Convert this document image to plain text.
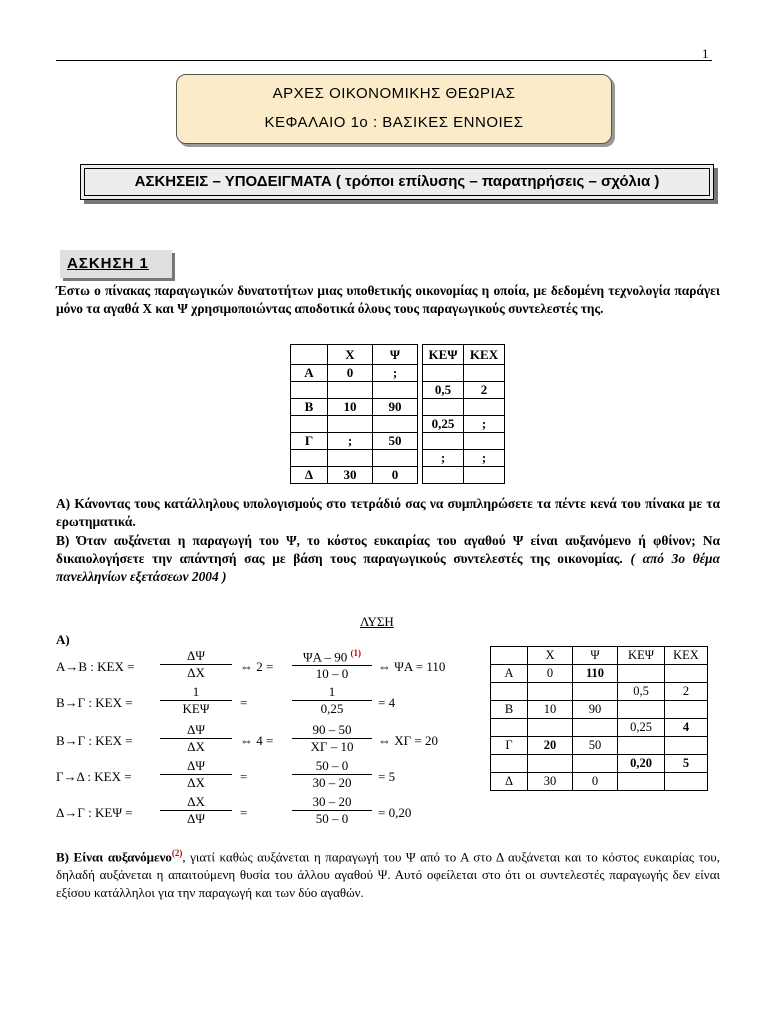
1
ΑΡΧΕΣ ΟΙΚΟΝΟΜΙΚΗΣ ΘΕΩΡΙΑΣ
ΚΕΦΑΛΑΙΟ 1ο : ΒΑΣΙΚΕΣ ΕΝΝΟΙΕΣ
ΑΣΚΗΣΕΙΣ – ΥΠΟΔΕΙΓΜΑΤΑ ( τρόποι επίλυσης – παρατηρήσεις – σχόλια )
ΑΣΚΗΣΗ 1
Έστω ο πίνακας παραγωγικών δυνατοτήτων μιας υποθετικής οικονομίας η οποία, με δεδομένη τεχνολογία παράγει μόνο τα αγαθά Χ και Ψ χρησιμοποιώντας αποδοτικά όλους τους παραγωγικούς συντελεστές της.
	Χ	Ψ		ΚΕΨ	ΚΕΧ
Α	0	;			
				0,5	2
Β	10	90			
				0,25	;
Γ	;	50			
				;	;
Δ	30	0			
Α) Κάνοντας τους κατάλληλους υπολογισμούς στο τετράδιό σας να συμπληρώσετε τα πέντε κενά του πίνακα με τα ερωτηματικά.
Β) Όταν αυξάνεται η παραγωγή του Ψ, το κόστος ευκαιρίας του αγαθού Ψ είναι αυξανόμενο ή φθίνον; Να δικαιολογήσετε την απάντησή σας με βάση τους παραγωγικούς συντελεστές της οικονομίας. ( από 3ο θέμα πανελληνίων εξετάσεων 2004 )
ΛΥΣΗ
Α)
Α→Β : $KEX = \frac{\Delta\Psi}{\Delta X}$ ⇔ $2 = \frac{\Psi A - 90 ^{(1)}}{10 - 0}$ ⇔ ΨΑ = 110
Β→Γ : ΚΕΧ =
1
ΚΕΨ	=	$\frac{1}{0,25} = 4$
Β→Γ : $KEX = \frac{\Delta\Psi}{\Delta X}$ ⇔ $4 = \frac{90 - 50}{X\Gamma - 10}$ ⇔ ΧΓ = 20
Γ→Δ : $KEX = \frac{\Delta\Psi}{\Delta X}$ =	$\frac{50 - 0}{30 - 20} = 5$
Δ→Γ : $KE\Psi = \frac{\Delta X}{\Delta\Psi}$ =	$\frac{30 - 20}{50 - 0} = 0,20$
	Χ	Ψ	ΚΕΨ	ΚΕΧ
Α	0	110		
			0,5	2
Β	10	90		
			0,25	4
Γ	20	50		
			0,20	5
Δ	30	0		
Β) Είναι αυξανόμενο$^{(2)}$, γιατί καθώς αυξάνεται η παραγωγή του Ψ από το Α στο Δ αυξάνεται και το κόστος ευκαιρίας του, δηλαδή αυξάνεται η απαιτούμενη θυσία του άλλου αγαθού Ψ. Αυτό οφείλεται στο ότι οι συντελεστές παραγωγής δεν είναι εξίσου κατάλληλοι για την παραγωγή και των δύο αγαθών.
